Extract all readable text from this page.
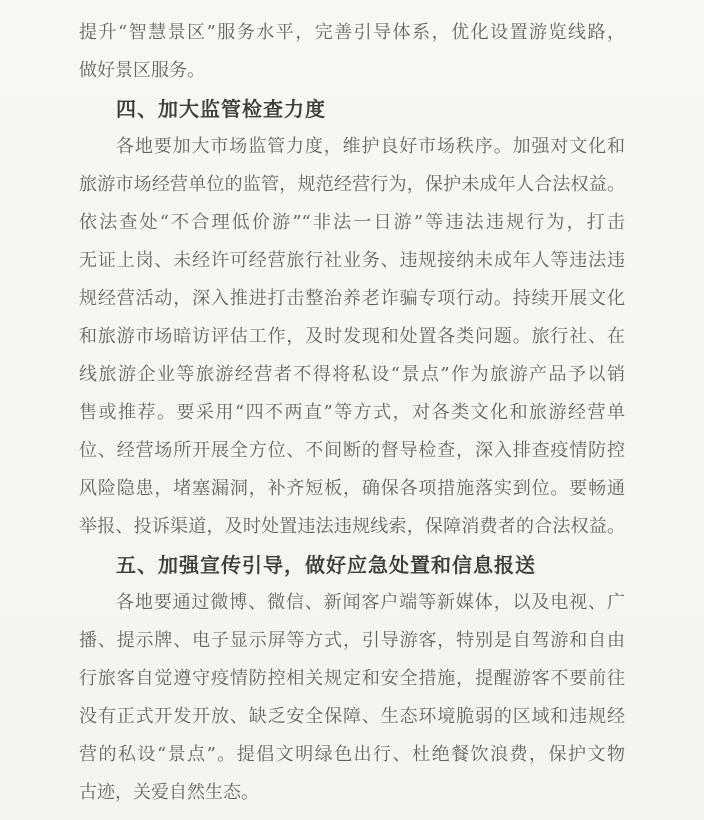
提升“智慧景区”服务水平，完善引导体系，优化设置游览线路，
做好景区服务。
四、加大监管检查力度
各地要加大市场监管力度，维护良好市场秩序。加强对文化和
旅游市场经营单位的监管，规范经营行为，保护未成年人合法权益。
依法查处“不合理低价游”“非法一日游”等违法违规行为，打击
无证上岗、未经许可经营旅行社业务、违规接纳未成年人等违法违
规经营活动，深入推进打击整治养老诈骗专项行动。持续开展文化
和旅游市场暗访评估工作，及时发现和处置各类问题。旅行社、在
线旅游企业等旅游经营者不得将私设“景点”作为旅游产品予以销
售或推荐。要采用“四不两直”等方式，对各类文化和旅游经营单
位、经营场所开展全方位、不间断的督导检查，深入排查疫情防控
风险隐患，堵塞漏洞，补齐短板，确保各项措施落实到位。要畅通
举报、投诉渠道，及时处置违法违规线索，保障消费者的合法权益。
五、加强宣传引导，做好应急处置和信息报送
各地要通过微博、微信、新闻客户端等新媒体，以及电视、广
播、提示牌、电子显示屏等方式，引导游客，特别是自驾游和自由
行旅客自觉遵守疫情防控相关规定和安全措施，提醒游客不要前往
没有正式开发开放、缺乏安全保障、生态环境脆弱的区域和违规经
营的私设“景点”。提倡文明绿色出行、杜绝餐饮浪费，保护文物
古迹，关爱自然生态。
